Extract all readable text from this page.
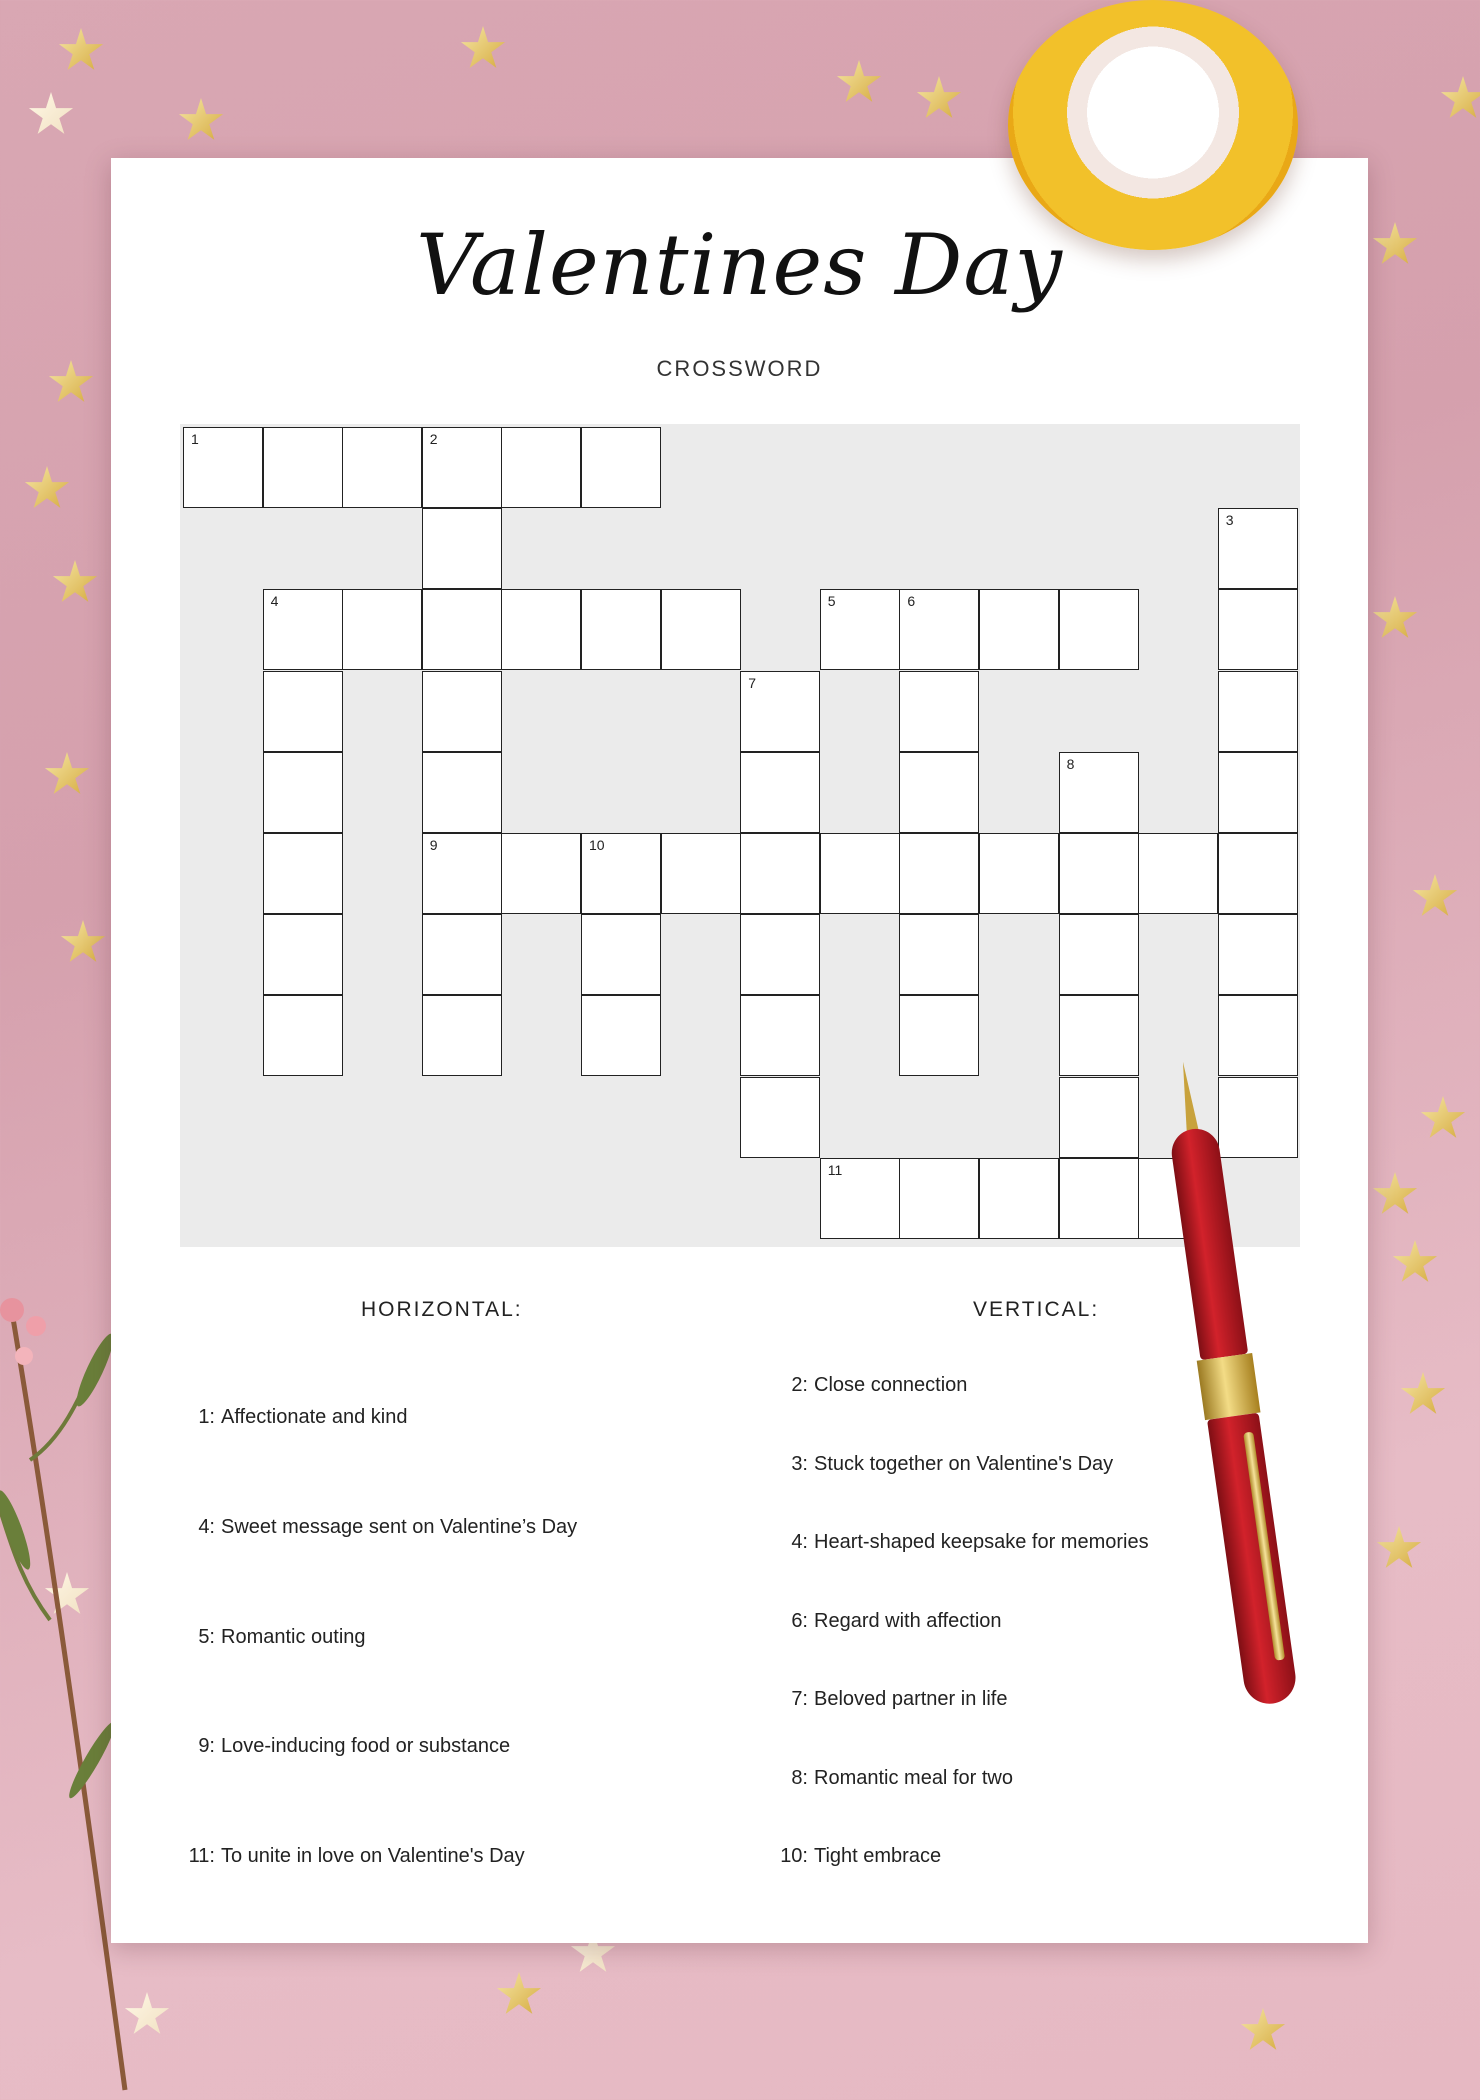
Valentines Day
CROSSWORD
1	2
3
4	5	6
7
8
9	10
11
HORIZONTAL:	VERTICAL:
1: Affectionate and kind
4: Sweet message sent on Valentine’s Day
5: Romantic outing
9: Love-inducing food or substance
11: To unite in love on Valentine's Day
2: Close connection
3: Stuck together on Valentine's Day
4: Heart-shaped keepsake for memories
6: Regard with affection
7: Beloved partner in life
8: Romantic meal for two
10: Tight embrace
